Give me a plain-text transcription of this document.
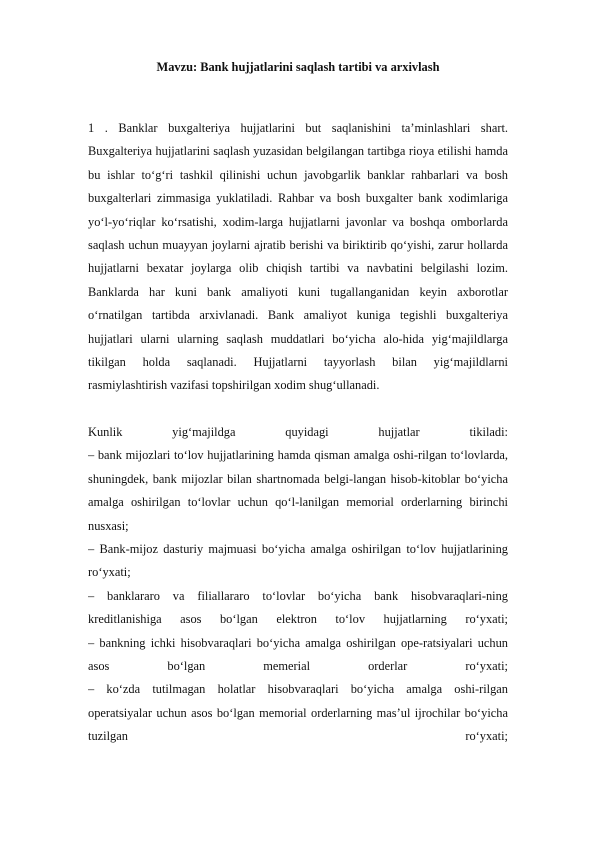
Mavzu: Bank hujjatlarini saqlash tartibi va arxivlash
1 . Banklar buxgalteriya hujjatlarini but saqlanishini ta’minlashlari shart.
Buxgalteriya hujjatlarini saqlash yuzasidan belgilangan tartibga rioya etilishi hamda
bu ishlar to‘g‘ri tashkil qilinishi uchun javobgarlik banklar rahbarlari va bosh
buxgalterlari zimmasiga yuklatiladi. Rahbar va bosh buxgalter bank xodimlariga
yo‘l-yo‘riqlar ko‘rsatishi, xodim-larga hujjatlarni javonlar va boshqa omborlarda
saqlash uchun muayyan joylarni ajratib berishi va biriktirib qo‘yishi, zarur hollarda
hujjatlarni bexatar joylarga olib chiqish tartibi va navbatini belgilashi lozim.
Banklarda har kuni bank amaliyoti kuni tugallanganidan keyin axborotlar
o‘rnatilgan tartibda arxivlanadi. Bank amaliyot kuniga tegishli buxgalteriya
hujjatlari ularni ularning saqlash muddatlari bo‘yicha alo-hida yig‘majildlarga
tikilgan holda saqlanadi. Hujjatlarni tayyorlash bilan yig‘majildlarni
rasmiylashtirish vazifasi topshirilgan xodim shug‘ullanadi.
Kunlik yig‘majildga quyidagi hujjatlar tikiladi:
– bank mijozlari to‘lov hujjatlarining hamda qisman amalga oshi-rilgan to‘lovlarda,
shuningdek, bank mijozlar bilan shartnomada belgi-langan hisob-kitoblar bo‘yicha
amalga oshirilgan to‘lovlar uchun qo‘l-lanilgan memorial orderlarning birinchi
nusxasi;
– Bank-mijoz dasturiy majmuasi bo‘yicha amalga oshirilgan to‘lov hujjatlarining
ro‘yxati;
– banklararo va filiallararo to‘lovlar bo‘yicha bank hisobvaraqlari-ning
kreditlanishiga asos bo‘lgan elektron to‘lov hujjatlarning ro‘yxati;
– bankning ichki hisobvaraqlari bo‘yicha amalga oshirilgan ope-ratsiyalari uchun
asos bo‘lgan memerial orderlar ro‘yxati;
– ko‘zda tutilmagan holatlar hisobvaraqlari bo‘yicha amalga oshi-rilgan
operatsiyalar uchun asos bo‘lgan memorial orderlarning mas’ul ijrochilar bo‘yicha
tuzilgan ro‘yxati;
